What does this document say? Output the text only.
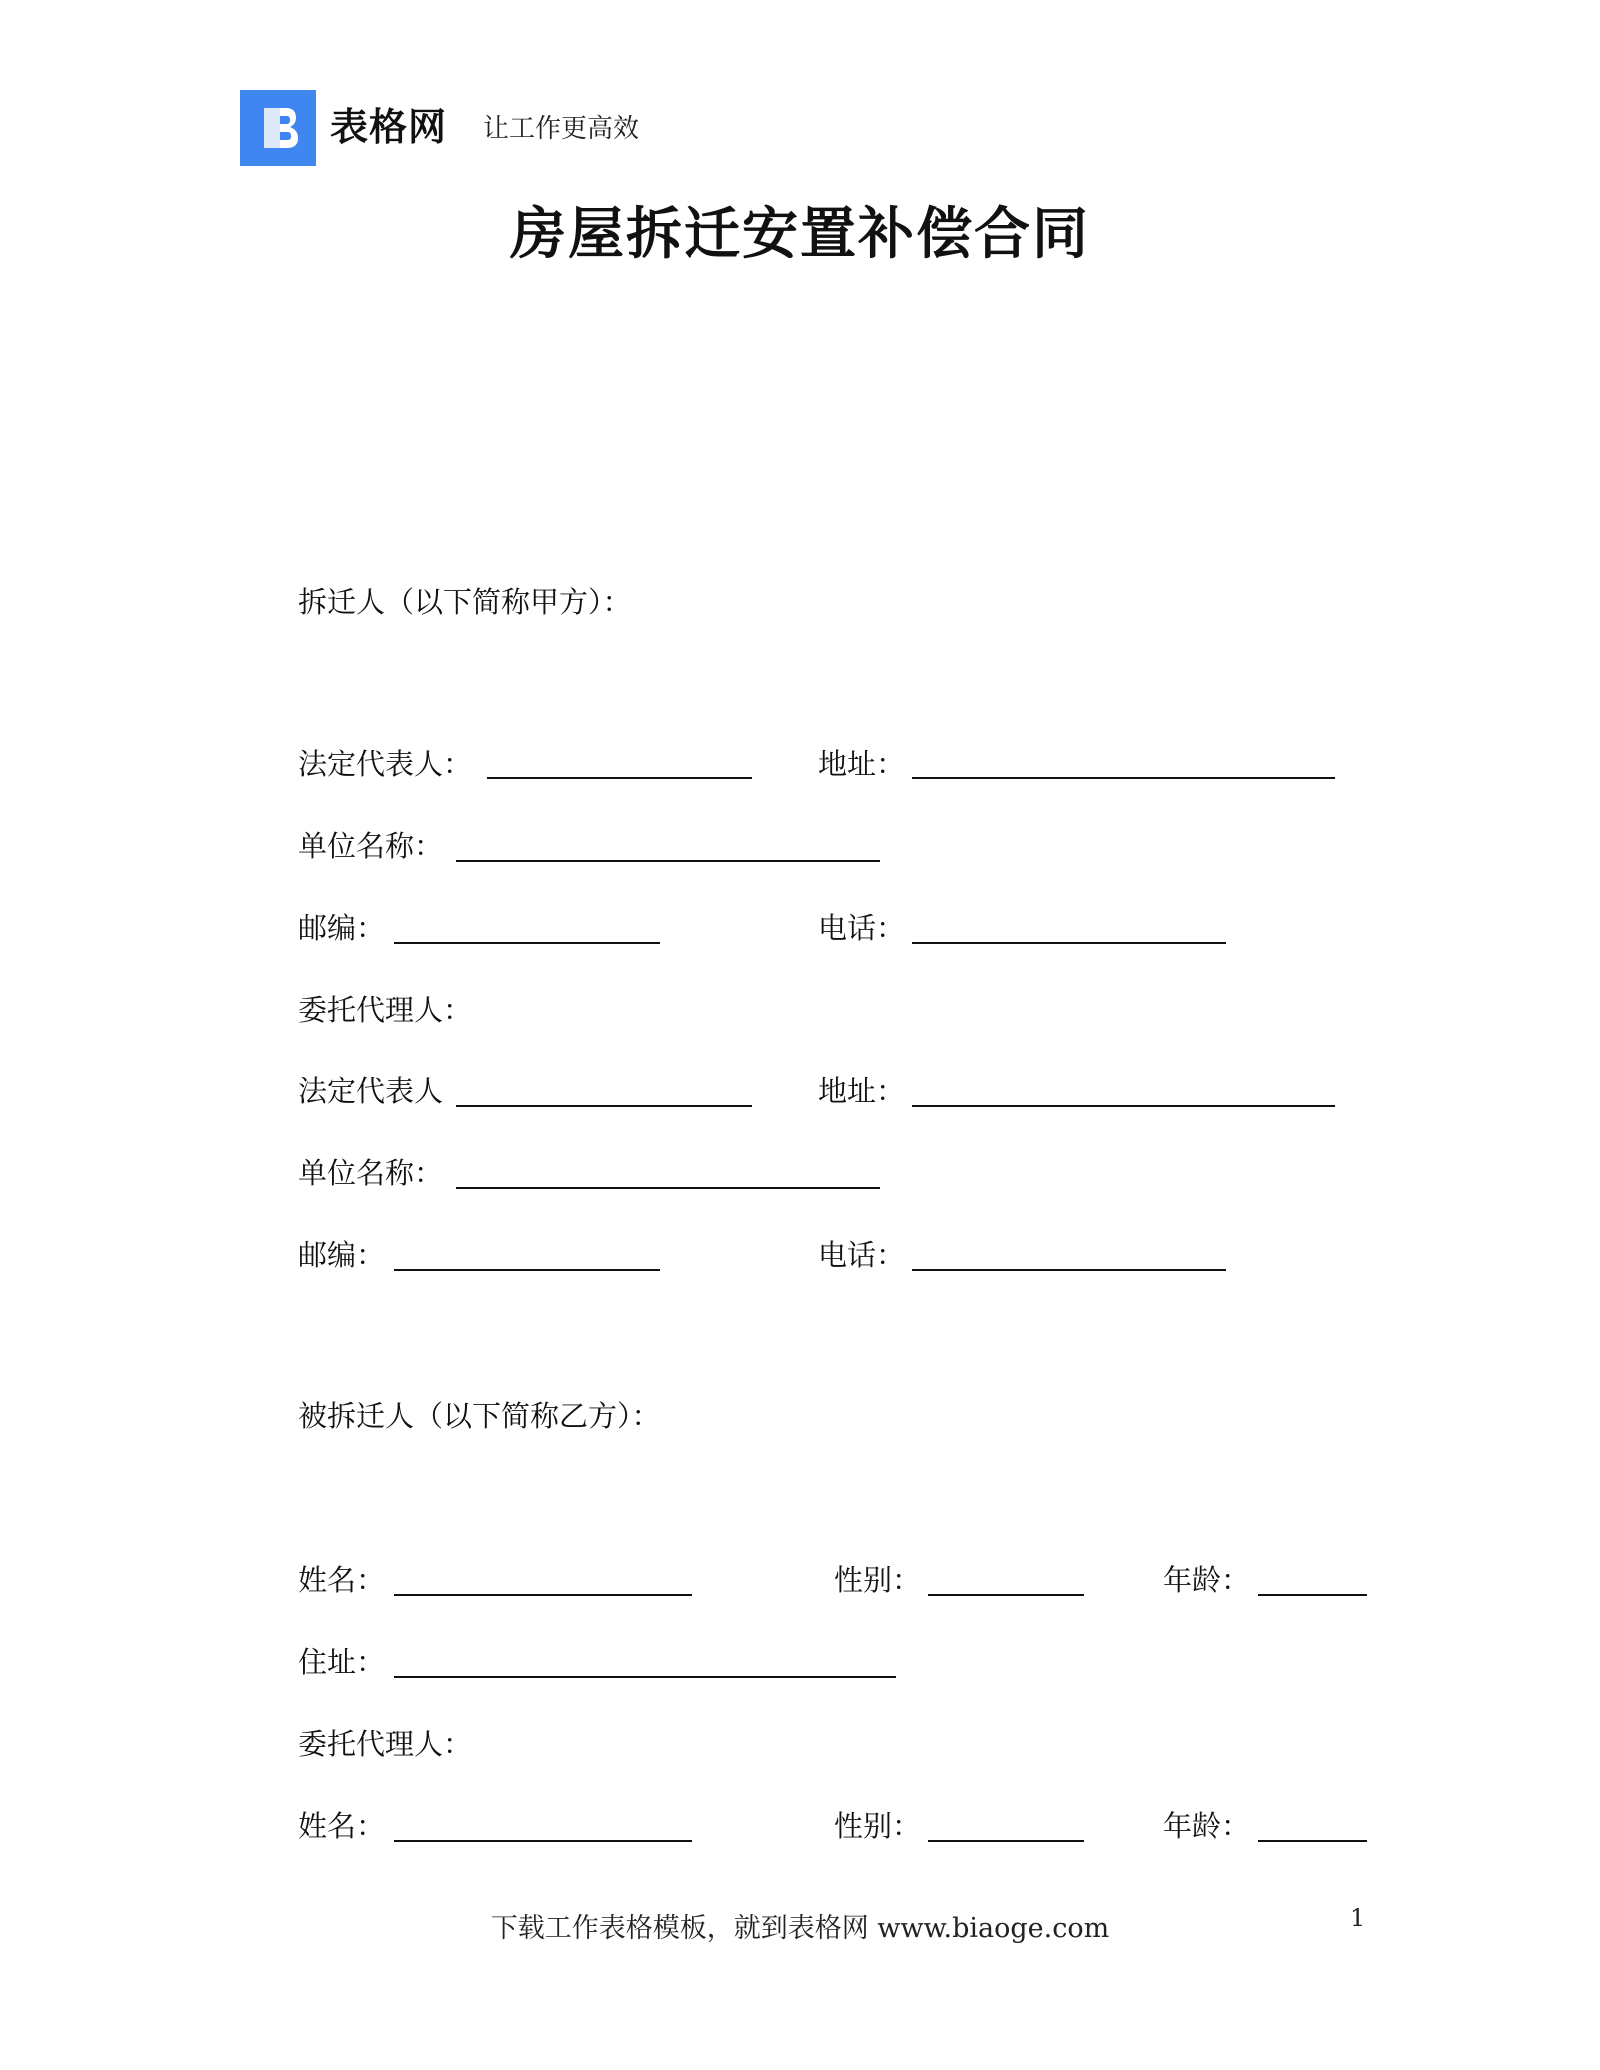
表格网 让工作更高效
房屋拆迁安置补偿合同
拆迁人（以下简称甲方）：
法定代表人：	地址：
单位名称：
邮编：	电话：
委托代理人：
法定代表人	地址：
单位名称：
邮编：	电话：
被拆迁人（以下简称乙方）：
姓名：	性别：	年龄：
住址：
委托代理人：
姓名：	性别：	年龄：
下载工作表格模板，就到表格网 www.biaoge.com	1
